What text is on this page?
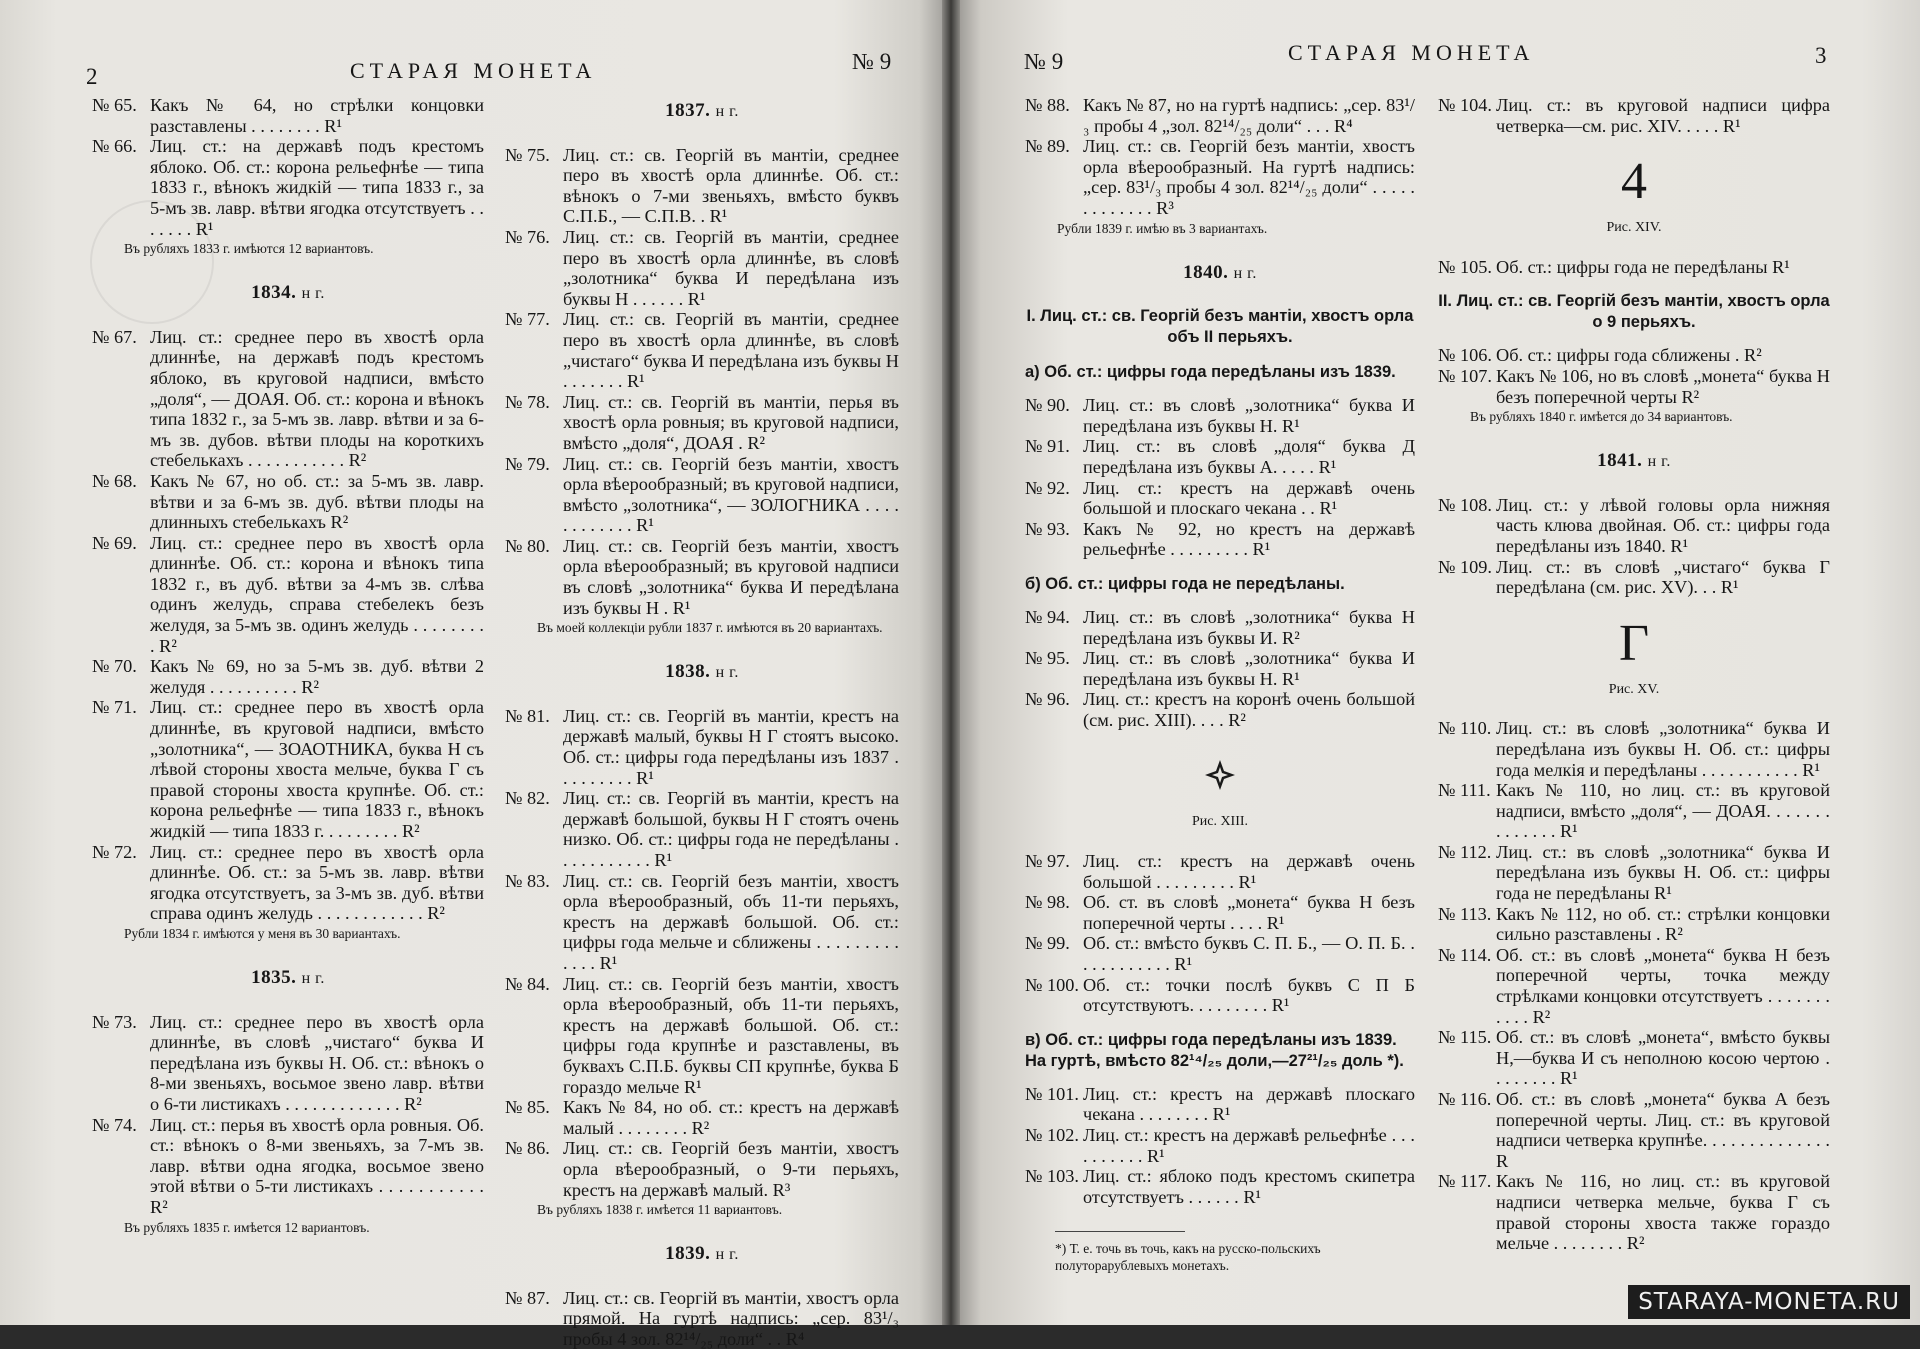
2	СТАРАЯ МОНЕТА	№ 9
№ 65. Какъ № 64, но стрѣлки концовки разставлены . . . . . . . . R¹
№ 66. Лиц. ст.: на державѣ подъ крестомъ яблоко. Об. ст.: корона рельефнѣе — типа 1833 г., вѣнокъ жидкій — типа 1833 г., за 5-мъ зв. лавр. вѣтви ягодка отсутствуетъ . . . . . . . R¹
Въ рубляхъ 1833 г. имѣются 12 вариантовъ.
1834. н г.
№ 67. Лиц. ст.: среднее перо въ хвостѣ орла длиннѣе, на державѣ подъ крестомъ яблоко, въ круговой надписи, вмѣсто „доля“, — ДОАЯ. Об. ст.: корона и вѣнокъ типа 1832 г., за 5-мъ зв. лавр. вѣтви и за 6-мъ зв. дубов. вѣтви плоды на короткихъ стебелькахъ . . . . . . . . . . . R²
№ 68. Какъ № 67, но об. ст.: за 5-мъ зв. лавр. вѣтви и за 6-мъ зв. дуб. вѣтви плоды на длинныхъ стебелькахъ R²
№ 69. Лиц. ст.: среднее перо въ хвостѣ орла длиннѣе. Об. ст.: корона и вѣнокъ типа 1832 г., въ дуб. вѣтви за 4-мъ зв. слѣва одинъ желудь, справа стебелекъ безъ желудя, за 5-мъ зв. одинъ желудь . . . . . . . . . R²
№ 70. Какъ № 69, но за 5-мъ зв. дуб. вѣтви 2 желудя . . . . . . . . . . R²
№ 71. Лиц. ст.: среднее перо въ хвостѣ орла длиннѣе, въ круговой надписи, вмѣсто „золотника“, — ЗОАОТНИКА, буква Н съ лѣвой стороны хвоста мельче, буква Г съ правой стороны хвоста крупнѣе. Об. ст.: корона рельефнѣе — типа 1833 г., вѣнокъ жидкій — типа 1833 г. . . . . . . . . R²
№ 72. Лиц. ст.: среднее перо въ хвостѣ орла длиннѣе. Об. ст.: за 5-мъ зв. лавр. вѣтви ягодка отсутствуетъ, за 3-мъ зв. дуб. вѣтви справа одинъ желудь . . . . . . . . . . . . R²
Рубли 1834 г. имѣются у меня въ 30 вариантахъ.
1835. н г.
№ 73. Лиц. ст.: среднее перо въ хвостѣ орла длиннѣе, въ словѣ „чистаго“ буква И передѣлана изъ буквы Н. Об. ст.: вѣнокъ о 8-ми звеньяхъ, восьмое звено лавр. вѣтви о 6-ти листикахъ . . . . . . . . . . . . . R²
№ 74. Лиц. ст.: перья въ хвостѣ орла ровныя. Об. ст.: вѣнокъ о 8-ми звеньяхъ, за 7-мъ зв. лавр. вѣтви одна ягодка, восьмое звено этой вѣтви о 5-ти листикахъ . . . . . . . . . . . R²
Въ рубляхъ 1835 г. имѣется 12 вариантовъ.
1837. н г.
№ 75. Лиц. ст.: св. Георгій въ мантіи, среднее перо въ хвостѣ орла длиннѣе. Об. ст.: вѣнокъ о 7-ми звеньяхъ, вмѣсто буквъ С.П.Б., — С.П.В. . R¹
№ 76. Лиц. ст.: св. Георгій въ мантіи, среднее перо въ хвостѣ орла длиннѣе, въ словѣ „золотника“ буква И передѣлана изъ буквы Н . . . . . . R¹
№ 77. Лиц. ст.: св. Георгій въ мантіи, среднее перо въ хвостѣ орла длиннѣе, въ словѣ „чистаго“ буква И передѣлана изъ буквы Н . . . . . . . R¹
№ 78. Лиц. ст.: св. Георгій въ мантіи, перья въ хвостѣ орла ровныя; въ круговой надписи, вмѣсто „доля“, ДОАЯ . R²
№ 79. Лиц. ст.: св. Георгій безъ мантіи, хвостъ орла вѣерообразный; въ круговой надписи, вмѣсто „золотника“, — ЗОЛОГНИКА . . . . . . . . . . . . R¹
№ 80. Лиц. ст.: св. Георгій безъ мантіи, хвостъ орла вѣерообразный; въ круговой надписи въ словѣ „золотника“ буква И передѣлана изъ буквы Н . R¹
Въ моей коллекціи рубли 1837 г. имѣются въ 20 вариантахъ.
1838. н г.
№ 81. Лиц. ст.: св. Георгій въ мантіи, крестъ на державѣ малый, буквы Н Г стоятъ высоко. Об. ст.: цифры года передѣланы изъ 1837 . . . . . . . . . R¹
№ 82. Лиц. ст.: св. Георгій въ мантіи, крестъ на державѣ большой, буквы Н Г стоятъ очень низко. Об. ст.: цифры года не передѣланы . . . . . . . . . . . R¹
№ 83. Лиц. ст.: св. Георгій безъ мантіи, хвостъ орла вѣерообразный, объ 11-ти перьяхъ, крестъ на державѣ большой. Об. ст.: цифры года мельче и сближены . . . . . . . . . . . . . R¹
№ 84. Лиц. ст.: св. Георгій безъ мантіи, хвостъ орла вѣерообразный, объ 11-ти перьяхъ, крестъ на державѣ большой. Об. ст.: цифры года крупнѣе и разставлены, въ буквахъ С.П.Б. буквы СП крупнѣе, буква Б гораздо мельче R¹
№ 85. Какъ № 84, но об. ст.: крестъ на державѣ малый . . . . . . . . R²
№ 86. Лиц. ст.: св. Георгій безъ мантіи, хвостъ орла вѣерообразный, о 9-ти перьяхъ, крестъ на державѣ малый. R³
Въ рубляхъ 1838 г. имѣется 11 вариантовъ.
1839. н г.
№ 87. Лиц. ст.: св. Георгій въ мантіи, хвостъ орла прямой. На гуртѣ надпись: „сер. 83¹/₃ пробы 4 зол. 82¹⁴/₂₅ доли“ . . R⁴
№ 9	СТАРАЯ МОНЕТА	3
№ 88. Какъ № 87, но на гуртѣ надпись: „сер. 83¹/₃ пробы 4 „зол. 82¹⁴/₂₅ доли“ . . . R⁴
№ 89. Лиц. ст.: св. Георгій безъ мантіи, хвостъ орла вѣерообразный. На гуртѣ надпись: „сер. 83¹/₃ пробы 4 зол. 82¹⁴/₂₅ доли“ . . . . . . . . . . . . . R³
Рубли 1839 г. имѣю въ 3 вариантахъ.
1840. н г.
I. Лиц. ст.: св. Георгій безъ мантіи, хвостъ орла объ II перьяхъ.
а) Об. ст.: цифры года передѣланы изъ 1839.
№ 90. Лиц. ст.: въ словѣ „золотника“ буква И передѣлана изъ буквы Н. R¹
№ 91. Лиц. ст.: въ словѣ „доля“ буква Д передѣлана изъ буквы А. . . . . R¹
№ 92. Лиц. ст.: крестъ на державѣ очень большой и плоскаго чекана . . R¹
№ 93. Какъ № 92, но крестъ на державѣ рельефнѣе . . . . . . . . . R¹
б) Об. ст.: цифры года не передѣланы.
№ 94. Лиц. ст.: въ словѣ „золотника“ буква Н передѣлана изъ буквы И. R²
№ 95. Лиц. ст.: въ словѣ „золотника“ буква И передѣлана изъ буквы Н. R¹
№ 96. Лиц. ст.: крестъ на коронѣ очень большой (см. рис. XIII). . . . R²
Рис. XIII.
№ 97. Лиц. ст.: крестъ на державѣ очень большой . . . . . . . . . R¹
№ 98. Об. ст. въ словѣ „монета“ буква Н безъ поперечной черты . . . . R¹
№ 99. Об. ст.: вмѣсто буквъ С. П. Б., — О. П. Б. . . . . . . . . . . . R¹
№ 100. Об. ст.: точки послѣ буквъ С П Б отсутствуютъ. . . . . . . . . R¹
в) Об. ст.: цифры года передѣланы изъ 1839. На гуртѣ, вмѣсто 82¹⁴/₂₅ доли,—27²¹/₂₅ доль *).
№ 101. Лиц. ст.: крестъ на державѣ плоскаго чекана . . . . . . . . R¹
№ 102. Лиц. ст.: крестъ на державѣ рельефнѣе . . . . . . . . . . R¹
№ 103. Лиц. ст.: яблоко подъ крестомъ скипетра отсутствуетъ . . . . . . R¹
*) Т. е. точь въ точь, какъ на русско-польскихъ полуторарублевыхъ монетахъ.
№ 104. Лиц. ст.: въ круговой надписи цифра четверка—см. рис. XIV. . . . . R¹
4
Рис. XIV.
№ 105. Об. ст.: цифры года не передѣланы R¹
II. Лиц. ст.: св. Георгій безъ мантіи, хвостъ орла о 9 перьяхъ.
№ 106. Об. ст.: цифры года сближены . R²
№ 107. Какъ № 106, но въ словѣ „монета“ буква Н безъ поперечной черты R²
Въ рубляхъ 1840 г. имѣется до 34 вариантовъ.
1841. н г.
№ 108. Лиц. ст.: у лѣвой головы орла нижняя часть клюва двойная. Об. ст.: цифры года передѣланы изъ 1840. R¹
№ 109. Лиц. ст.: въ словѣ „чистаго“ буква Г передѣлана (см. рис. XV). . . R¹
Г
Рис. XV.
№ 110. Лиц. ст.: въ словѣ „золотника“ буква И передѣлана изъ буквы Н. Об. ст.: цифры года мелкія и передѣланы . . . . . . . . . . . R¹
№ 111. Какъ № 110, но лиц. ст.: въ круговой надписи, вмѣсто „доля“, — ДОАЯ. . . . . . . . . . . . . . R¹
№ 112. Лиц. ст.: въ словѣ „золотника“ буква И передѣлана изъ буквы Н. Об. ст.: цифры года не передѣланы R¹
№ 113. Какъ № 112, но об. ст.: стрѣлки концовки сильно разставлены . R²
№ 114. Об. ст.: въ словѣ „монета“ буква Н безъ поперечной черты, точка между стрѣлками концовки отсутствуетъ . . . . . . . . . . . R²
№ 115. Об. ст.: въ словѣ „монета“, вмѣсто буквы Н,—буква И съ неполною косою чертою . . . . . . . . R¹
№ 116. Об. ст.: въ словѣ „монета“ буква А безъ поперечной черты. Лиц. ст.: въ круговой надписи четверка крупнѣе. . . . . . . . . . . . . . R
№ 117. Какъ № 116, но лиц. ст.: въ круговой надписи четверка мельче, буква Г съ правой стороны хвоста также гораздо мельче . . . . . . . . R²
STARAYA-MONETA.RU
